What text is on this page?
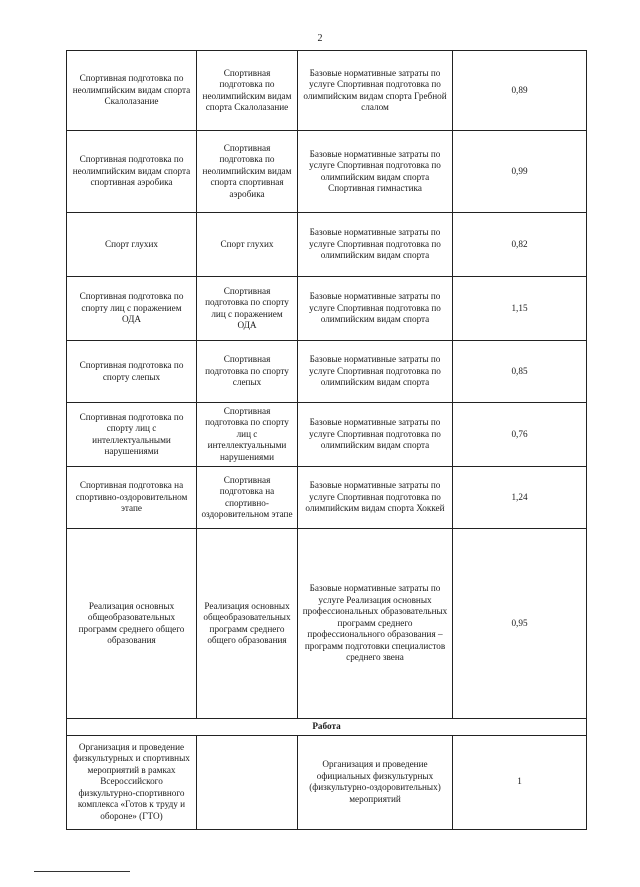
2
Спортивная подготовка по неолимпийским видам спорта Скалолазание	Спортивная подготовка по неолимпийским видам спорта Скалолазание	Базовые нормативные затраты по услуге Спортивная подготовка по олимпийским видам спорта Гребной слалом	0,89
Спортивная подготовка по неолимпийским видам спорта спортивная аэробика	Спортивная подготовка по неолимпийским видам спорта спортивная аэробика	Базовые нормативные затраты по услуге Спортивная подготовка по олимпийским видам спорта Спортивная гимнастика	0,99
Спорт глухих	Спорт глухих	Базовые нормативные затраты по услуге Спортивная подготовка по олимпийским видам спорта	0,82
Спортивная подготовка по спорту лиц с поражением ОДА	Спортивная подготовка по спорту лиц с поражением ОДА	Базовые нормативные затраты по услуге Спортивная подготовка по олимпийским видам спорта	1,15
Спортивная подготовка по спорту слепых	Спортивная подготовка по спорту слепых	Базовые нормативные затраты по услуге Спортивная подготовка по олимпийским видам спорта	0,85
Спортивная подготовка по спорту лиц с интеллектуальными нарушениями	Спортивная подготовка по спорту лиц с интеллектуальными нарушениями	Базовые нормативные затраты по услуге Спортивная подготовка по олимпийским видам спорта	0,76
Спортивная подготовка на спортивно-оздоровительном этапе	Спортивная подготовка на спортивно-оздоровительном этапе	Базовые нормативные затраты по услуге Спортивная подготовка по олимпийским видам спорта Хоккей	1,24
Реализация основных общеобразовательных программ среднего общего образования	Реализация основных общеобразовательных программ среднего общего образования	Базовые нормативные затраты по услуге Реализация основных профессиональных образовательных программ среднего профессионального образования – программ подготовки специалистов среднего звена	0,95
Работа			
Организация и проведение физкультурных и спортивных мероприятий в рамках Всероссийского физкультурно-спортивного комплекса «Готов к труду и обороне» (ГТО)		Организация и проведение официальных физкультурных (физкультурно-оздоровительных) мероприятий	1
